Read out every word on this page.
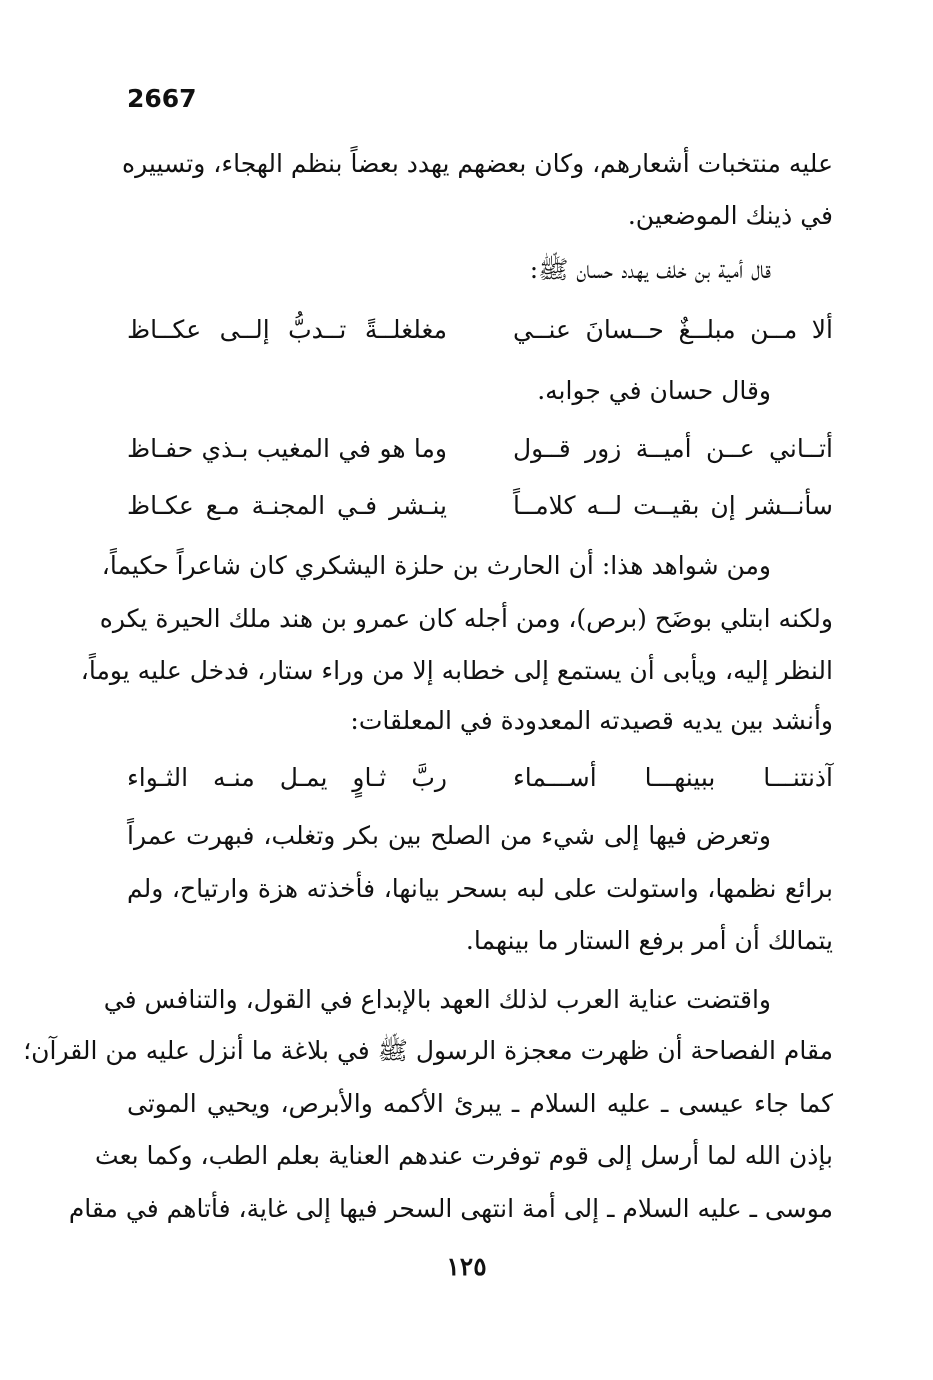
2667
عليه منتخبات أشعارهم، وكان بعضهم يهدد بعضاً بنظم الهجاء، وتسييره
في ذينك الموضعين.
قال أمية بن خلف يهدد حسان ﷺ:
ألا مــن مبلــغٌ حــسانَ عنــي
مغلغلــةً تــدبُّ إلــى عكــاظ
وقال حسان في جوابه.
أتــاني عــن أميــة زور قــول
وما هو في المغيب بـذي حفـاظ
سأنــشر إن بقيــت لــه كلامــاً
ينـشر فـي المجنـة مـع عكـاظ
ومن شواهد هذا: أن الحارث بن حلزة اليشكري كان شاعراً حكيماً،
ولكنه ابتلي بوضَح (برص)، ومن أجله كان عمرو بن هند ملك الحيرة يكره
النظر إليه، ويأبى أن يستمع إلى خطابه إلا من وراء ستار، فدخل عليه يوماً،
وأنشد بين يديه قصيدته المعدودة في المعلقات:
آذنتنـــا ببينهـــا أســـماء
ربَّ ثـاوٍ يمـل منـه الثـواء
وتعرض فيها إلى شيء من الصلح بين بكر وتغلب، فبهرت عمراً
برائع نظمها، واستولت على لبه بسحر بيانها، فأخذته هزة وارتياح، ولم
يتمالك أن أمر برفع الستار ما بينهما.
واقتضت عناية العرب لذلك العهد بالإبداع في القول، والتنافس في
مقام الفصاحة أن ظهرت معجزة الرسول ﷺ في بلاغة ما أنزل عليه من القرآن؛
كما جاء عيسى ـ عليه السلام ـ يبرئ الأكمه والأبرص، ويحيي الموتى
بإذن الله لما أرسل إلى قوم توفرت عندهم العناية بعلم الطب، وكما بعث
موسى ـ عليه السلام ـ إلى أمة انتهى السحر فيها إلى غاية، فأتاهم في مقام
١٢٥
